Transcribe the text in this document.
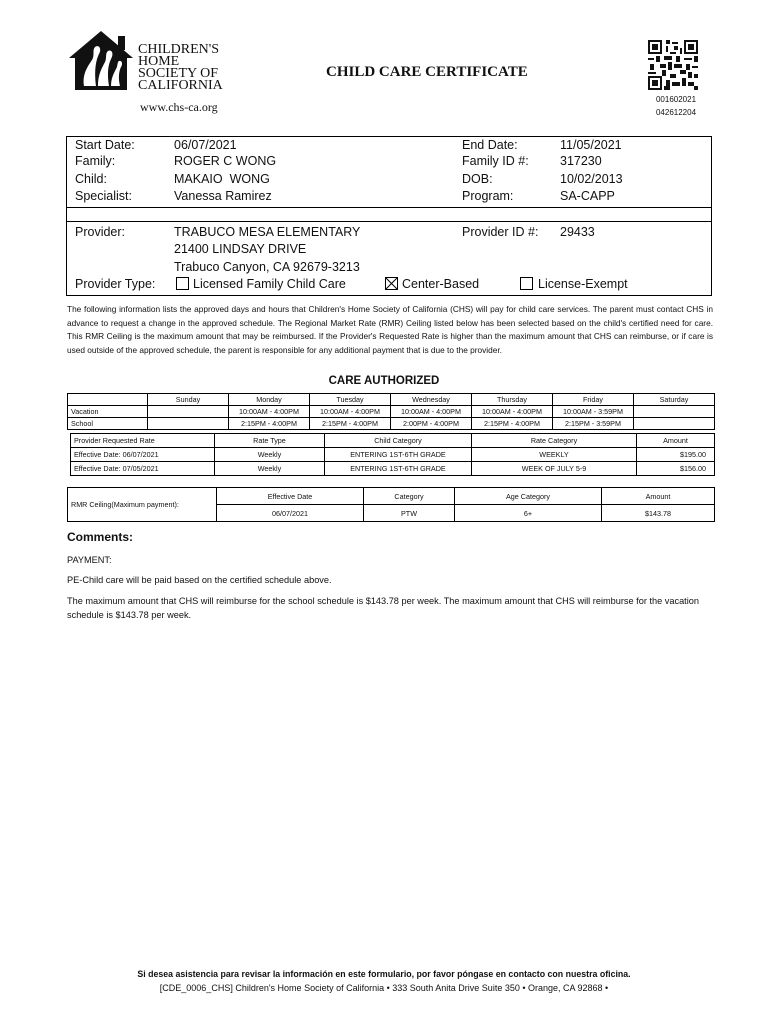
CHILDREN'S
HOME
SOCIETY OF
CALIFORNIA
www.chs-ca.org
CHILD CARE CERTIFICATE
001602021
042612204
Start Date:	06/07/2021	End Date:	11/05/2021
Family:	ROGER C WONG	Family ID #:	317230
Child:	MAKAIO  WONG	DOB:	10/02/2013
Specialist:	Vanessa Ramirez	Program:	SA-CAPP
Provider:	TRABUCO MESA ELEMENTARY
21400 LINDSAY DRIVE
Trabuco Canyon, CA 92679-3213
Provider ID #: 29433
Provider Type:	Licensed Family Child Care	Center-Based	License-Exempt
The following information lists the approved days and hours that Children's Home Society of California (CHS) will pay for child care services. The parent must contact CHS in advance to request a change in the approved schedule. The Regional Market Rate (RMR) Ceiling listed below has been selected based on the child's certified need for care. This RMR Ceiling is the maximum amount that may be reimbursed. If the Provider's Requested Rate is higher than the maximum amount that CHS can reimburse, or if care is used outside of the approved schedule, the parent is responsible for any additional payment that is due to the provider.
CARE AUTHORIZED
	Sunday	Monday	Tuesday	Wednesday	Thursday	Friday	Saturday
Vacation		10:00AM - 4:00PM	10:00AM - 4:00PM	10:00AM - 4:00PM	10:00AM - 4:00PM	10:00AM - 3:59PM	
School		2:15PM - 4:00PM	2:15PM - 4:00PM	2:00PM - 4:00PM	2:15PM - 4:00PM	2:15PM - 3:59PM	
Provider Requested Rate	Rate Type	Child Category	Rate Category	Amount
Effective Date: 06/07/2021	Weekly	ENTERING 1ST-6TH GRADE	WEEKLY	$195.00
Effective Date: 07/05/2021	Weekly	ENTERING 1ST-6TH GRADE	WEEK OF JULY 5-9	$156.00
RMR Ceiling(Maximum payment):	Effective Date	Category	Age Category	Amount
	06/07/2021	PTW	6+	$143.78
Comments:
PAYMENT:
PE-Child care will be paid based on the certified schedule above.
The maximum amount that CHS will reimburse for the school schedule is $143.78 per week. The maximum amount that CHS will reimburse for the vacation schedule is $143.78 per week.
Si desea asistencia para revisar la información en este formulario, por favor póngase en contacto con nuestra oficina.
[CDE_0006_CHS] Children's Home Society of California • 333 South Anita Drive Suite 350 • Orange, CA 92868 •
